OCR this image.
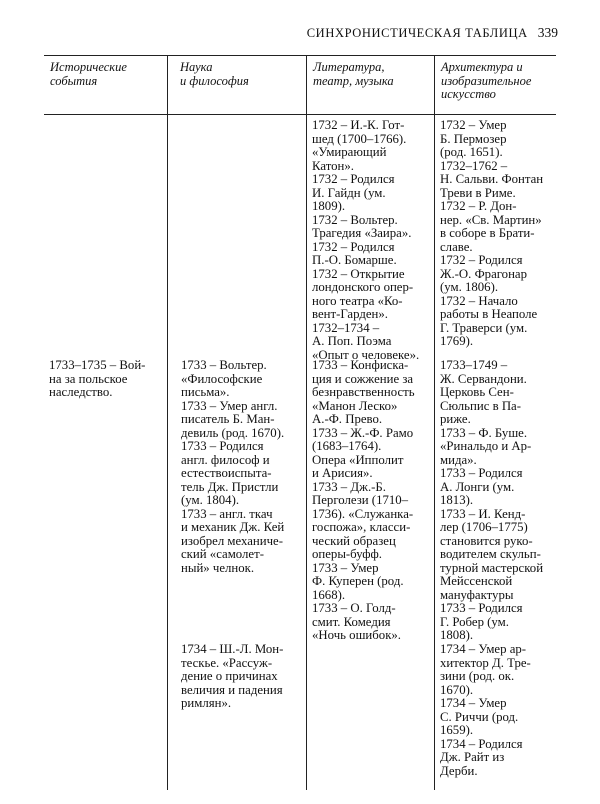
СИНХРОНИСТИЧЕСКАЯ ТАБЛИЦА 339
Исторические
события
Наука
и философия
Литература,
театр, музыка
Архитектура и
изобразительное
искусство
1732 – И.-К. Гот-
шед (1700–1766).
«Умирающий
Катон».
1732 – Родился
И. Гайдн (ум.
1809).
1732 – Вольтер.
Трагедия «Заира».
1732 – Родился
П.-О. Бомарше.
1732 – Открытие
лондонского опер-
ного театра «Ко-
вент-Гарден».
1732–1734 –
А. Поп. Поэма
«Опыт о человеке».
1732 – Умер
Б. Пермозер
(род. 1651).
1732–1762 –
Н. Сальви. Фонтан
Треви в Риме.
1732 – Р. Дон-
нер. «Св. Мартин»
в соборе в Брати-
славе.
1732 – Родился
Ж.-О. Фрагонар
(ум. 1806).
1732 – Начало
работы в Неаполе
Г. Траверси (ум.
1769).
1733–1735 – Вой-
на за польское
наследство.
1733 – Вольтер.
«Философские
письма».
1733 – Умер англ.
писатель Б. Ман-
девиль (род. 1670).
1733 – Родился
англ. философ и
естествоиспыта-
тель Дж. Пристли
(ум. 1804).
1733 – англ. ткач
и механик Дж. Кей
изобрел механиче-
ский «самолет-
ный» челнок.
1733 – Конфиска-
ция и сожжение за
безнравственность
«Манон Леско»
А.-Ф. Прево.
1733 – Ж.-Ф. Рамо
(1683–1764).
Опера «Ипполит
и Арисия».
1733 – Дж.-Б.
Перголези (1710–
1736). «Служанка-
госпожа», класси-
ческий образец
оперы-буфф.
1733 – Умер
Ф. Куперен (род.
1668).
1733 – О. Голд-
смит. Комедия
«Ночь ошибок».
1733–1749 –
Ж. Сервандони.
Церковь Сен-
Сюльпис в Па-
риже.
1733 – Ф. Буше.
«Ринальдо и Ар-
мида».
1733 – Родился
А. Лонги (ум.
1813).
1733 – И. Кенд-
лер (1706–1775)
становится руко-
водителем скульп-
турной мастерской
Мейссенской
мануфактуры
1733 – Родился
Г. Робер (ум.
1808).
1734 – Ш.-Л. Мон-
тескье. «Рассуж-
дение о причинах
величия и падения
римлян».
1734 – Умер ар-
хитектор Д. Тре-
зини (род. ок.
1670).
1734 – Умер
С. Риччи (род.
1659).
1734 – Родился
Дж. Райт из
Дерби.
